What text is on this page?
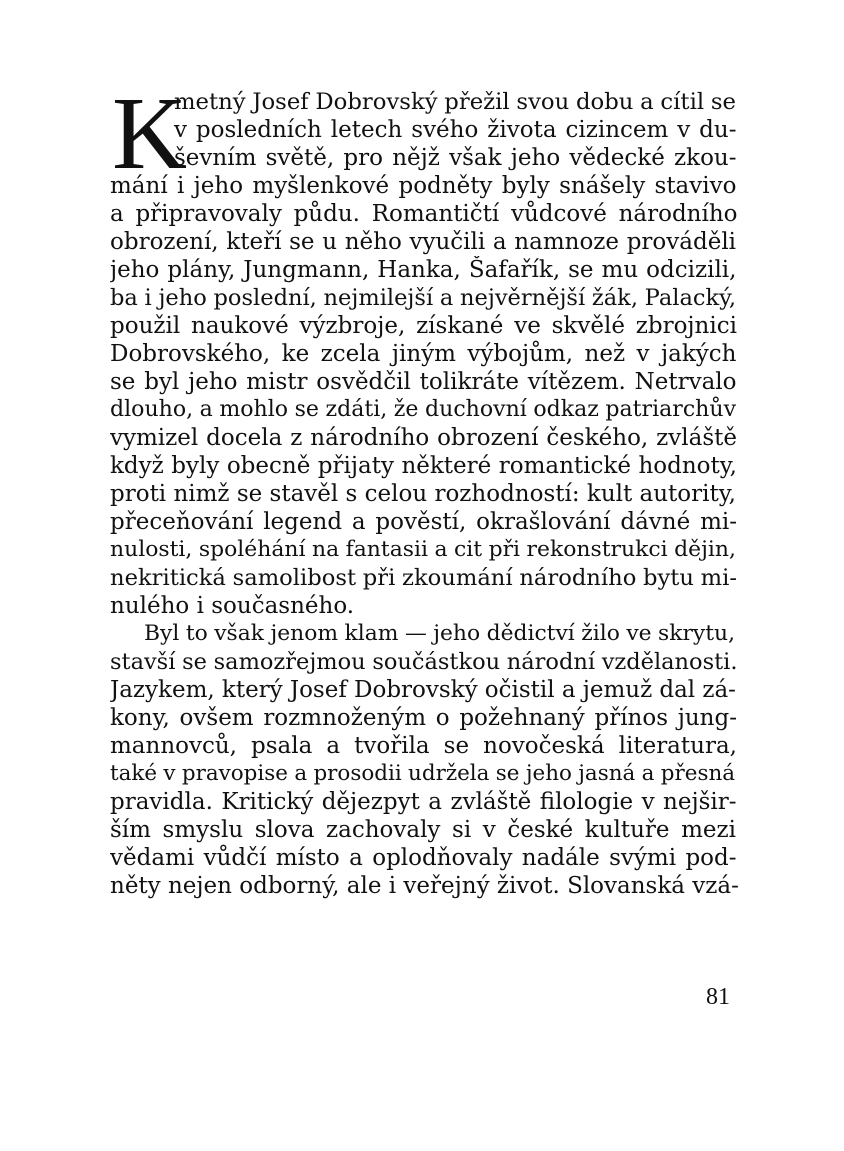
K
metný Josef Dobrovský přežil svou dobu a cítil se
v posledních letech svého života cizincem v du-
ševním světě, pro nějž však jeho vědecké zkou-
mání i jeho myšlenkové podněty byly snášely stavivo
a připravovaly půdu. Romantičtí vůdcové národního
obrození, kteří se u něho vyučili a namnoze prováděli
jeho plány, Jungmann, Hanka, Šafařík, se mu odcizili,
ba i jeho poslední, nejmilejší a nejvěrnější žák, Palacký,
použil naukové výzbroje, získané ve skvělé zbrojnici
Dobrovského, ke zcela jiným výbojům, než v jakých
se byl jeho mistr osvědčil tolikráte vítězem. Netrvalo
dlouho, a mohlo se zdáti, že duchovní odkaz patriarchův
vymizel docela z národního obrození českého, zvláště
když byly obecně přijaty některé romantické hodnoty,
proti nimž se stavěl s celou rozhodností: kult autority,
přeceňování legend a pověstí, okrašlování dávné mi-
nulosti, spoléhání na fantasii a cit při rekonstrukci dějin,
nekritická samolibost při zkoumání národního bytu mi-
nulého i současného.
Byl to však jenom klam — jeho dědictví žilo ve skrytu,
stavší se samozřejmou součástkou národní vzdělanosti.
Jazykem, který Josef Dobrovský očistil a jemuž dal zá-
kony, ovšem rozmnoženým o požehnaný přínos jung-
mannovců, psala a tvořila se novočeská literatura,
také v pravopise a prosodii udržela se jeho jasná a přesná
pravidla. Kritický dějezpyt a zvláště filologie v nejšir-
ším smyslu slova zachovaly si v české kultuře mezi
vědami vůdčí místo a oplodňovaly nadále svými pod-
něty nejen odborný, ale i veřejný život. Slovanská vzá-
81
